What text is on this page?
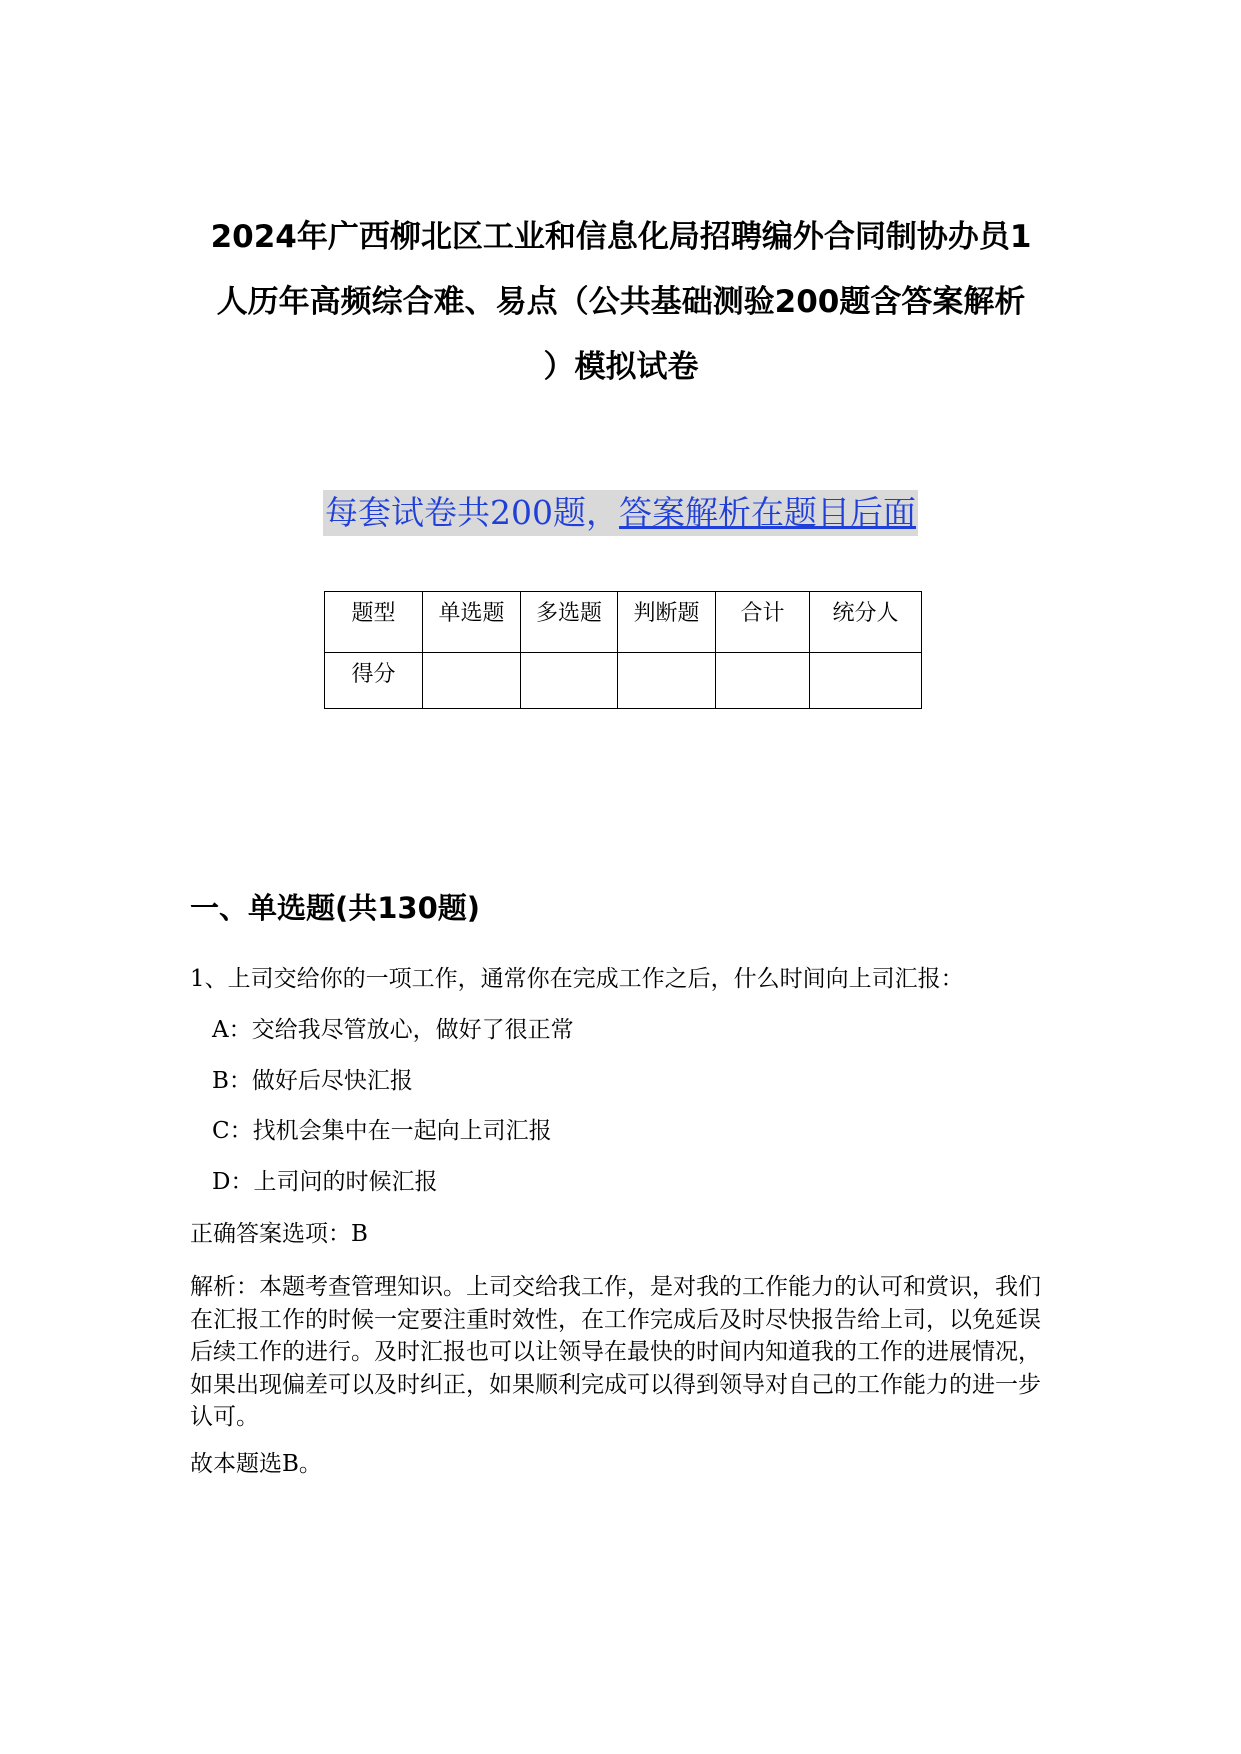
2024年广西柳北区工业和信息化局招聘编外合同制协办员1
人历年高频综合难、易点（公共基础测验200题含答案解析
）模拟试卷
每套试卷共200题，答案解析在题目后面
题型	单选题	多选题	判断题	合计	统分人
得分					
一、单选题(共130题)

1、上司交给你的一项工作，通常你在完成工作之后，什么时间向上司汇报：

A：交给我尽管放心，做好了很正常

B：做好后尽快汇报

C：找机会集中在一起向上司汇报

D：上司问的时候汇报

正确答案选项：B

解析：本题考查管理知识。上司交给我工作，是对我的工作能力的认可和赏识，我们在汇报工作的时候一定要注重时效性，在工作完成后及时尽快报告给上司，以免延误后续工作的进行。及时汇报也可以让领导在最快的时间内知道我的工作的进展情况，如果出现偏差可以及时纠正，如果顺利完成可以得到领导对自己的工作能力的进一步认可。

故本题选B。
